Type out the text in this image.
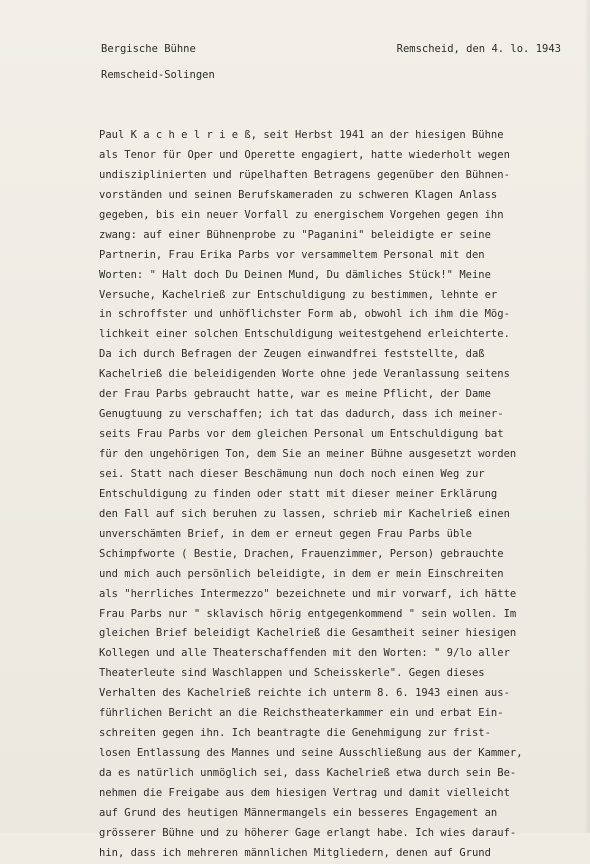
Bergische Bühne	Remscheid, den 4. lo. 1943
Remscheid-Solingen
Paul K a c h e l r i e ß, seit Herbst 1941 an der hiesigen Bühne
als Tenor für Oper und Operette engagiert, hatte wiederholt wegen
undisziplinierten und rüpelhaften Betragens gegenüber den Bühnen-
vorständen und seinen Berufskameraden zu schweren Klagen Anlass
gegeben, bis ein neuer Vorfall zu energischem Vorgehen gegen ihn
zwang: auf einer Bühnenprobe zu "Paganini" beleidigte er seine
Partnerin, Frau Erika Parbs vor versammeltem Personal mit den
Worten: " Halt doch Du Deinen Mund, Du dämliches Stück!" Meine
Versuche, Kachelrieß zur Entschuldigung zu bestimmen, lehnte er
in schroffster und unhöflichster Form ab, obwohl ich ihm die Mög-
lichkeit einer solchen Entschuldigung weitestgehend erleichterte.
Da ich durch Befragen der Zeugen einwandfrei feststellte, daß
Kachelrieß die beleidigenden Worte ohne jede Veranlassung seitens
der Frau Parbs gebraucht hatte, war es meine Pflicht, der Dame
Genugtuung zu verschaffen; ich tat das dadurch, dass ich meiner-
seits Frau Parbs vor dem gleichen Personal um Entschuldigung bat
für den ungehörigen Ton, dem Sie an meiner Bühne ausgesetzt worden
sei. Statt nach dieser Beschämung nun doch noch einen Weg zur
Entschuldigung zu finden oder statt mit dieser meiner Erklärung
den Fall auf sich beruhen zu lassen, schrieb mir Kachelrieß einen
unverschämten Brief, in dem er erneut gegen Frau Parbs üble
Schimpfworte ( Bestie, Drachen, Frauenzimmer, Person) gebrauchte
und mich auch persönlich beleidigte, in dem er mein Einschreiten
als "herrliches Intermezzo" bezeichnete und mir vorwarf, ich hätte
Frau Parbs nur " sklavisch hörig entgegenkommend " sein wollen. Im
gleichen Brief beleidigt Kachelrieß die Gesamtheit seiner hiesigen
Kollegen und alle Theaterschaffenden mit den Worten: " 9/lo aller
Theaterleute sind Waschlappen und Scheisskerle". Gegen dieses
Verhalten des Kachelrieß reichte ich unterm 8. 6. 1943 einen aus-
führlichen Bericht an die Reichstheaterkammer ein und erbat Ein-
schreiten gegen ihn. Ich beantragte die Genehmigung zur frist-
losen Entlassung des Mannes und seine Ausschließung aus der Kammer,
da es natürlich unmöglich sei, dass Kachelrieß etwa durch sein Be-
nehmen die Freigabe aus dem hiesigen Vertrag und damit vielleicht
auf Grund des heutigen Männermangels ein besseres Engagement an
grösserer Bühne und zu höherer Gage erlangt habe. Ich wies darauf-
hin, dass ich mehreren männlichen Mitgliedern, denen auf Grund
